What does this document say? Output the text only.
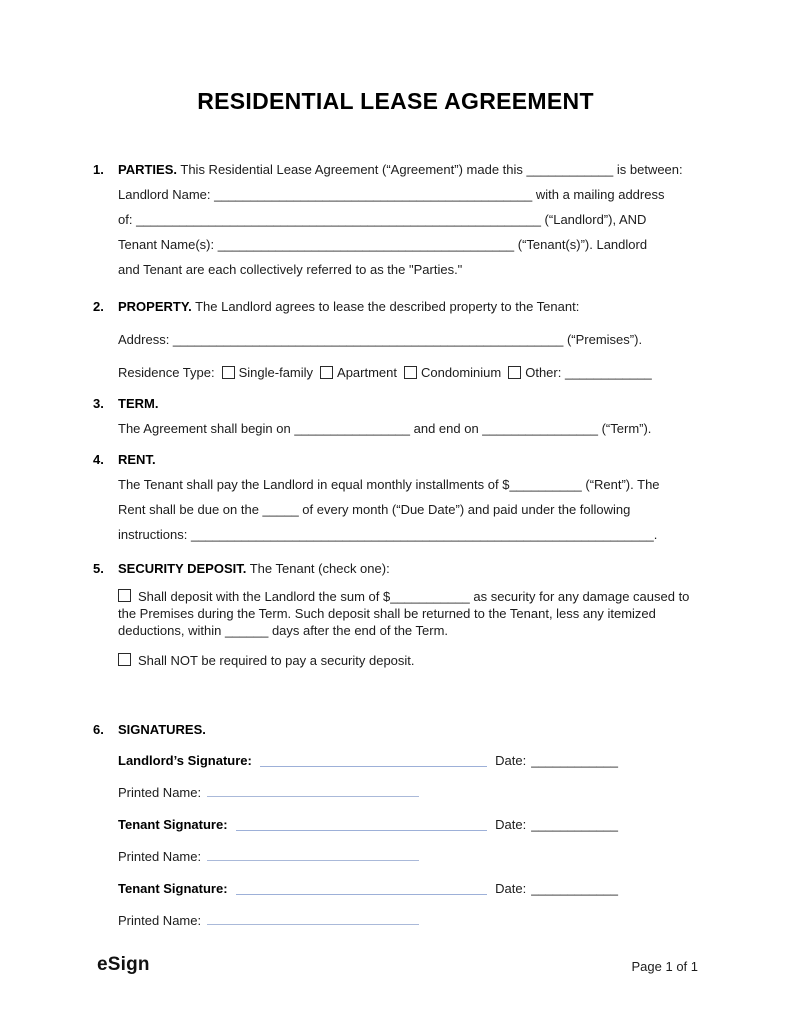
RESIDENTIAL LEASE AGREEMENT
1.	PARTIES. This Residential Lease Agreement (“Agreement”) made this ____________ is between:
Landlord Name: ____________________________________________ with a mailing address
of: ________________________________________________________ (“Landlord”), AND
Tenant Name(s): _________________________________________ (“Tenant(s)”). Landlord
and Tenant are each collectively referred to as the "Parties."
2.	PROPERTY. The Landlord agrees to lease the described property to the Tenant:
Address: ______________________________________________________ (“Premises”).
Residence Type: Single-family Apartment Condominium Other: ____________
3.	TERM.
The Agreement shall begin on ________________ and end on ________________ (“Term”).
4.	RENT.
The Tenant shall pay the Landlord in equal monthly installments of $__________ (“Rent”). The
Rent shall be due on the _____ of every month (“Due Date”) and paid under the following
instructions: ________________________________________________________________.
5.	SECURITY DEPOSIT. The Tenant (check one):
Shall deposit with the Landlord the sum of $___________ as security for any damage caused to the Premises during the Term. Such deposit shall be returned to the Tenant, less any itemized deductions, within ______ days after the end of the Term.
Shall NOT be required to pay a security deposit.
6.	SIGNATURES.
Landlord’s Signature:	Date: ____________
Printed Name:
Tenant Signature:	Date: ____________
Printed Name:
Tenant Signature:	Date: ____________
Printed Name:
eSign	Page 1 of 1
